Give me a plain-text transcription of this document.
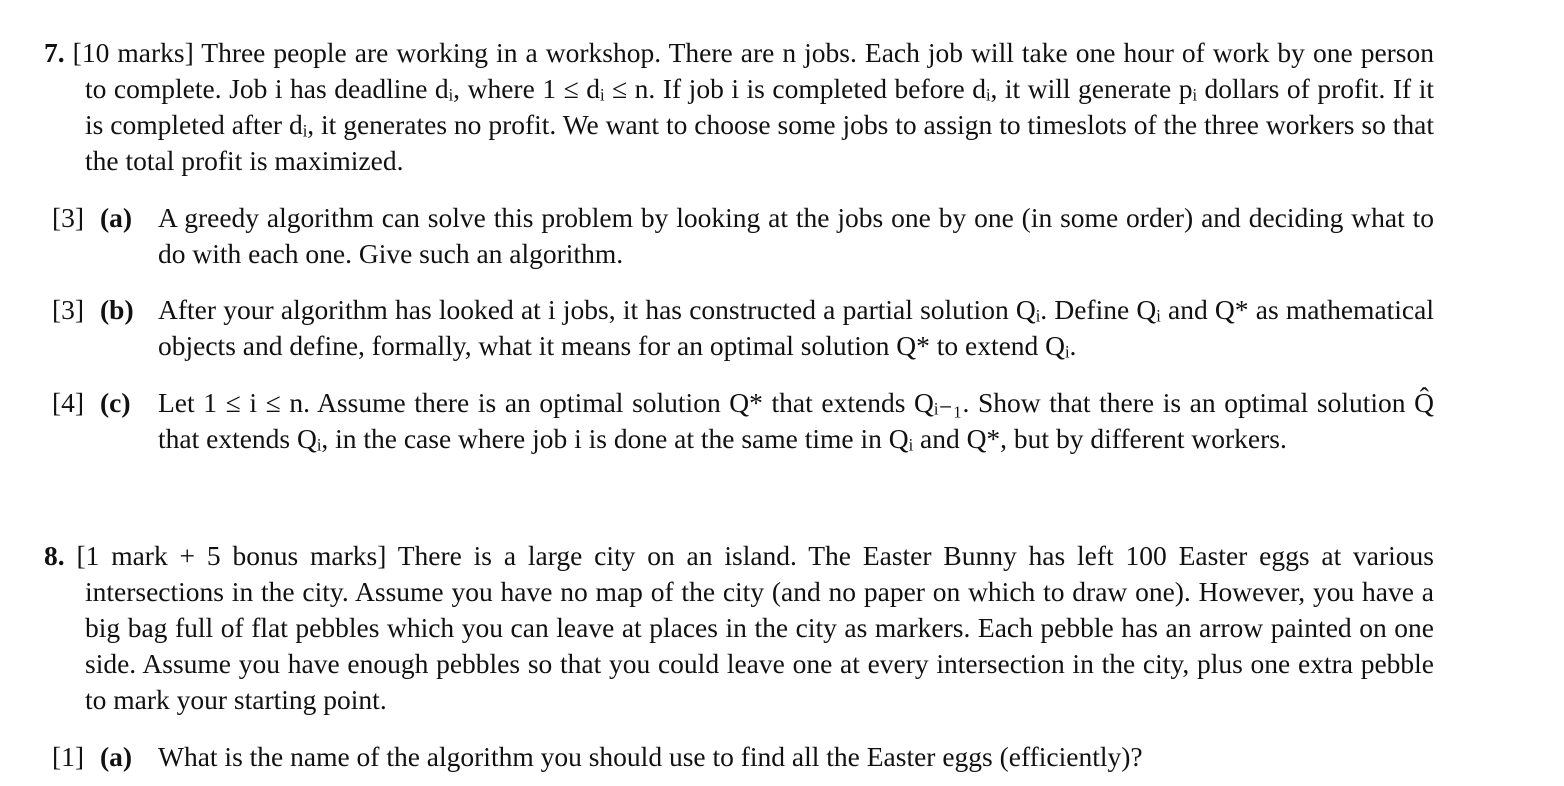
7. [10 marks] Three people are working in a workshop. There are n jobs. Each job will take one hour of work by one person to complete. Job i has deadline dᵢ, where 1 ≤ dᵢ ≤ n. If job i is completed before dᵢ, it will generate pᵢ dollars of profit. If it is completed after dᵢ, it generates no profit. We want to choose some jobs to assign to timeslots of the three workers so that the total profit is maximized.
[3] (a) A greedy algorithm can solve this problem by looking at the jobs one by one (in some order) and deciding what to do with each one. Give such an algorithm.
[3] (b) After your algorithm has looked at i jobs, it has constructed a partial solution Qᵢ. Define Qᵢ and Q* as mathematical objects and define, formally, what it means for an optimal solution Q* to extend Qᵢ.
[4] (c) Let 1 ≤ i ≤ n. Assume there is an optimal solution Q* that extends Qᵢ₋₁. Show that there is an optimal solution Q̂ that extends Qᵢ, in the case where job i is done at the same time in Qᵢ and Q*, but by different workers.
8. [1 mark + 5 bonus marks] There is a large city on an island. The Easter Bunny has left 100 Easter eggs at various intersections in the city. Assume you have no map of the city (and no paper on which to draw one). However, you have a big bag full of flat pebbles which you can leave at places in the city as markers. Each pebble has an arrow painted on one side. Assume you have enough pebbles so that you could leave one at every intersection in the city, plus one extra pebble to mark your starting point.
[1] (a) What is the name of the algorithm you should use to find all the Easter eggs (efficiently)?
